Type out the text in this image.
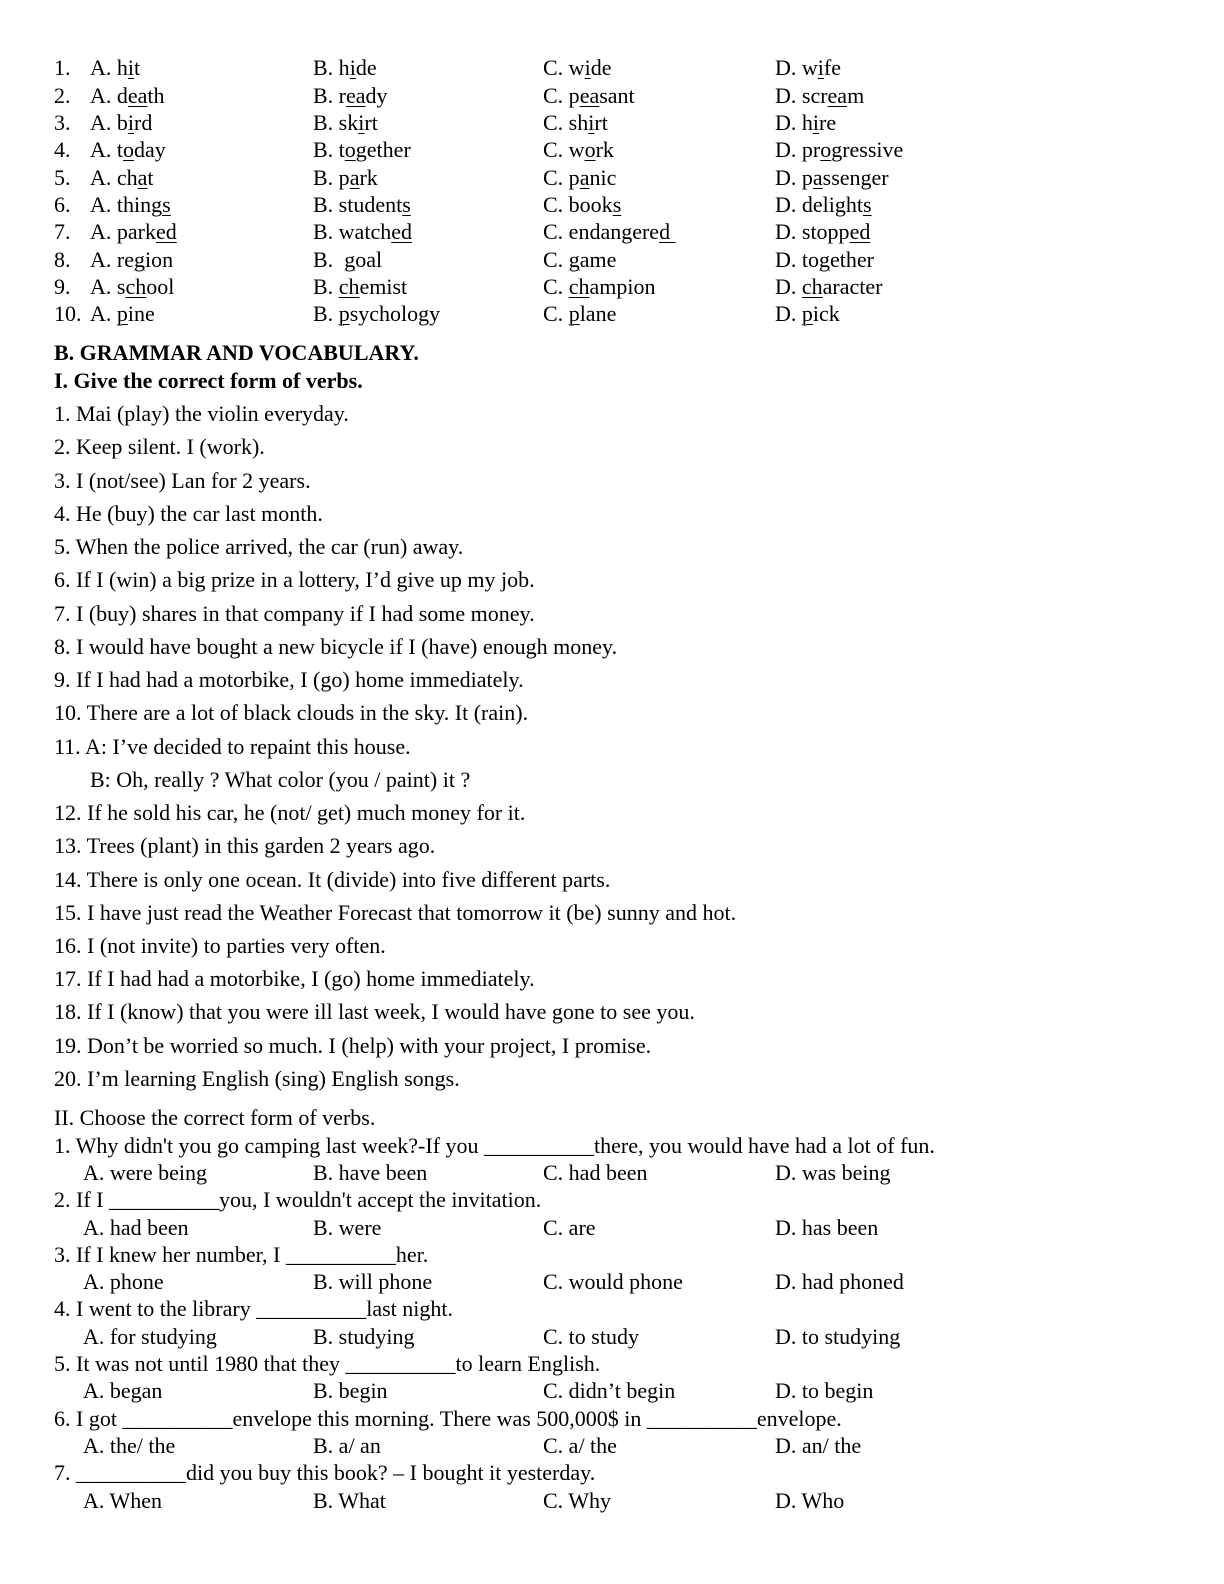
1. A. hit	B. hide	C. wide	D. wife
2. A. death	B. ready	C. peasant	D. scream
3. A. bird	B. skirt	C. shirt	D. hire
4. A. today	B. together	C. work	D. progressive
5. A. chat	B. park	C. panic	D. passenger
6. A. things	B. students	C. books	D. delights
7. A. parked	B. watched	C. endangered	D. stopped
8. A. region	B.  goal	C. game	D. together
9. A. school	B. chemist	C. champion	D. character
10. A. pine	B. psychology	C. plane	D. pick
B. GRAMMAR AND VOCABULARY.
I. Give the correct form of verbs.
1. Mai (play) the violin everyday.
2. Keep silent. I (work).
3. I (not/see) Lan for 2 years.
4. He (buy) the car last month.
5. When the police arrived, the car (run) away.
6. If I (win) a big prize in a lottery, I’d give up my job.
7. I (buy) shares in that company if I had some money.
8. I would have bought a new bicycle if I (have) enough money.
9. If I had had a motorbike, I (go) home immediately.
10. There are a lot of black clouds in the sky. It (rain).
11. A: I’ve decided to repaint this house.
B: Oh, really ? What color (you / paint) it ?
12. If he sold his car, he (not/ get) much money for it.
13. Trees (plant) in this garden 2 years ago.
14. There is only one ocean. It (divide) into five different parts.
15. I have just read the Weather Forecast that tomorrow it (be) sunny and hot.
16. I (not invite) to parties very often.
17. If I had had a motorbike, I (go) home immediately.
18. If I (know) that you were ill last week, I would have gone to see you.
19. Don’t be worried so much. I (help) with your project, I promise.
20. I’m learning English (sing) English songs.
II. Choose the correct form of verbs.
1. Why didn't you go camping last week?-If you __________there, you would have had a lot of fun.
A. were being	B. have been	C. had been	D. was being
2. If I __________you, I wouldn't accept the invitation.
A. had been	B. were	C. are	D. has been
3. If I knew her number, I __________her.
A. phone	B. will phone	C. would phone	D. had phoned
4. I went to the library __________last night.
A. for studying	B. studying	C. to study	D. to studying
5. It was not until 1980 that they __________to learn English.
A. began	B. begin	C. didn’t begin	D. to begin
6. I got __________envelope this morning. There was 500,000$ in __________envelope.
A. the/ the	B. a/ an	C. a/ the	D. an/ the
7. __________did you buy this book? – I bought it yesterday.
A. When	B. What	C. Why	D. Who
